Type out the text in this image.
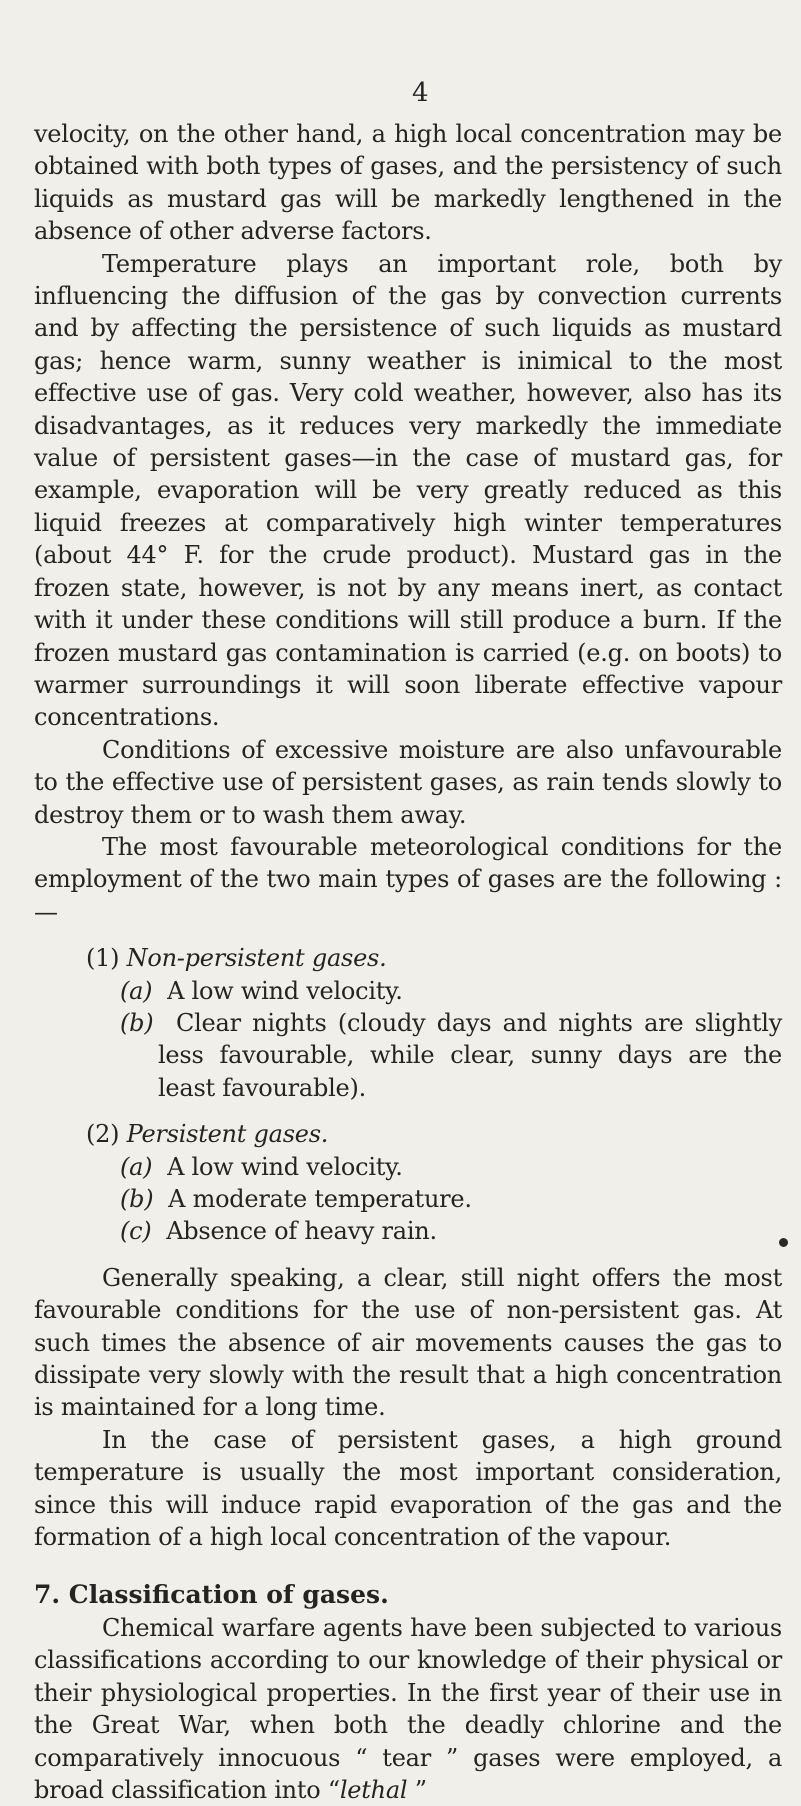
4

velocity, on the other hand, a high local concentration may be obtained with both types of gases, and the persistency of such liquids as mustard gas will be markedly lengthened in the absence of other adverse factors.

Temperature plays an important role, both by influencing the diffusion of the gas by convection currents and by affecting the persistence of such liquids as mustard gas; hence warm, sunny weather is inimical to the most effective use of gas. Very cold weather, however, also has its disadvantages, as it reduces very markedly the immediate value of persistent gases—in the case of mustard gas, for example, evaporation will be very greatly reduced as this liquid freezes at comparatively high winter temperatures (about 44° F. for the crude product). Mustard gas in the frozen state, however, is not by any means inert, as contact with it under these conditions will still produce a burn. If the frozen mustard gas contamination is carried (e.g. on boots) to warmer surroundings it will soon liberate effective vapour concentrations.

Conditions of excessive moisture are also unfavourable to the effective use of persistent gases, as rain tends slowly to destroy them or to wash them away.

The most favourable meteorological conditions for the employment of the two main types of gases are the following :—

(1) Non-persistent gases.

(a) A low wind velocity.

(b) Clear nights (cloudy days and nights are slightly less favourable, while clear, sunny days are the least favourable).

(2) Persistent gases.

(a) A low wind velocity.

(b) A moderate temperature.

(c) Absence of heavy rain.

Generally speaking, a clear, still night offers the most favourable conditions for the use of non-persistent gas. At such times the absence of air movements causes the gas to dissipate very slowly with the result that a high concentration is maintained for a long time.

In the case of persistent gases, a high ground temperature is usually the most important consideration, since this will induce rapid evaporation of the gas and the formation of a high local concentration of the vapour.

7. Classification of gases.

Chemical warfare agents have been subjected to various classifications according to our knowledge of their physical or their physiological properties. In the first year of their use in the Great War, when both the deadly chlorine and the comparatively innocuous “ tear ” gases were employed, a broad classification into “lethal ”
